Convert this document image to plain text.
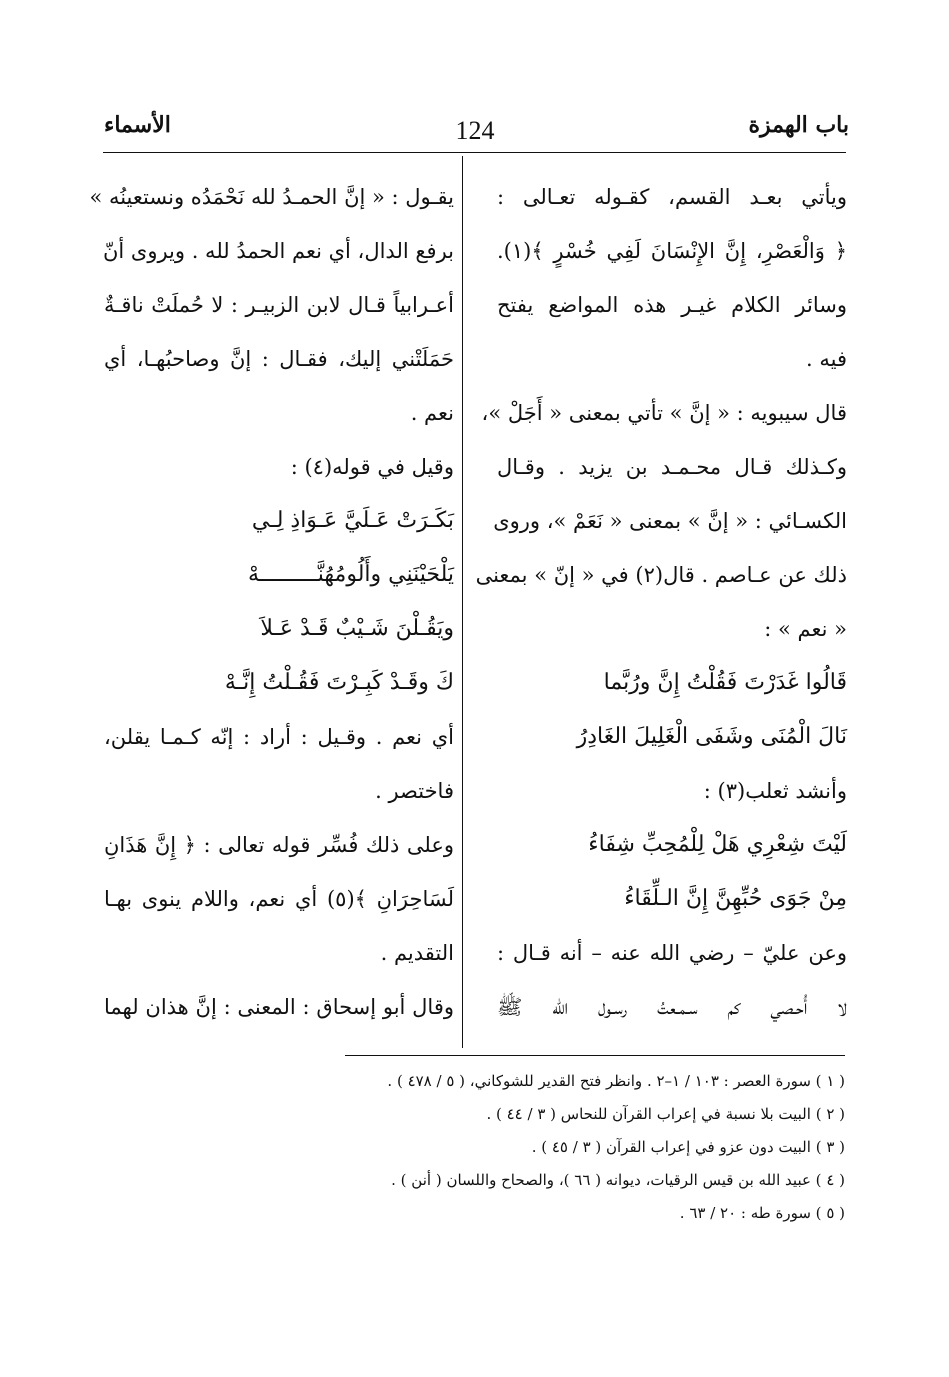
باب الهمزة
124
الأسماء
ويأتي بعـد القسم، كقـوله تعـالى :
﴿ وَالْعَصْرِ، إِنَّ الإِنْسَانَ لَفِي خُسْرٍ ﴾(١).
وسائر الكلام غيـر هذه المواضع يفتح
فيه .
قال سيبويه : « إنَّ » تأتي بمعنى « أَجَلْ »،
وكـذلك قـال محـمـد بن يزيد . وقـال
الكسـائي : « إنَّ » بمعنى « نَعَمْ »، وروى
ذلك عن عـاصم . قال(٢) في « إنّ » بمعنى
« نعم » :
قَالُوا غَدَرْتَ فَقُلْتُ إِنَّ ورُبَّما
نَالَ الْمُنَى وشَفَى الْغَلِيلَ الغَادِرُ
وأنشد ثعلب(٣) :
لَيْتَ شِعْرِي هَلْ لِلْمُحِبِّ شِفَاءُ
مِنْ جَوَى حُبِّهِنَّ إِنَّ الـلِّقَاءُ
وعن عليّ – رضي الله عنه – أنه قـال :
لا أُحـصي كم سـمـعتُ رسـول الله ﷺ
يقـول : « إنَّ الحمـدُ لله نَحْمَدُه ونستعينُه »
برفع الدال، أي نعم الحمدُ لله . ويروى أنّ
أعـرابياً قـال لابن الزبيـر : لا حُملَتْ ناقـةٌ
حَمَلَتْني إليك، فقـال : إنَّ وصاحبُهـا، أي
نعم .
وقيل في قوله(٤) :
بَكَـرَتْ عَـلَيَّ عَـوَاذِ لِـي
يَلْحَيْنَنِي وأَلُومُهُنَّـــــــــهْ
ويَقُـلْنَ شَـيْبٌ قَـدْ عَـلاَ
كَ وقَـدْ كَبِـرْتَ فَقُـلْتُ إِنَّـهْ
أي نعم . وقـيل : أراد : إنّه كـمـا يقلن،
فاختصر .
وعلى ذلك فُسِّر قوله تعالى : ﴿ إِنَّ هَذَانِ
لَسَاحِرَانِ ﴾(٥) أي نعم، واللام ينوى بهـا
التقديم .
وقال أبو إسحاق : المعنى : إنَّ هذان لهما
( ١ ) سورة العصر : ١٠٣ / ١–٢ . وانظر فتح القدير للشوكاني، ( ٥ / ٤٧٨ ) .
( ٢ ) البيت بلا نسبة في إعراب القرآن للنحاس ( ٣ / ٤٤ ) .
( ٣ ) البيت دون عزو في إعراب القرآن ( ٣ / ٤٥ ) .
( ٤ ) عبيد الله بن قيس الرقيات، ديوانه ( ٦٦ )، والصحاح واللسان ( أنن ) .
( ٥ ) سورة طه : ٢٠ / ٦٣ .
